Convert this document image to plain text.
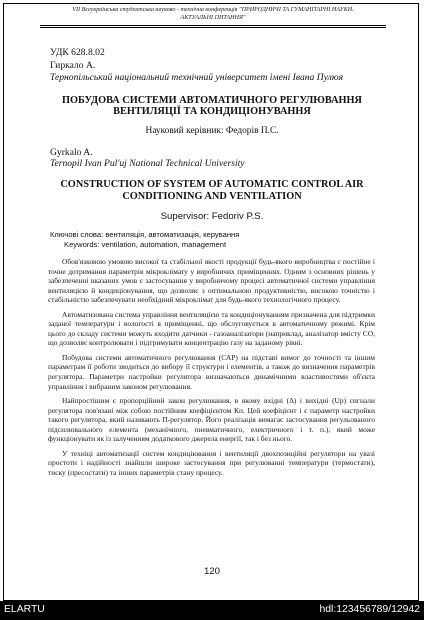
VII Всеукраїнська студентська науково - технічна конференція "ПРИРОДНИЧІ ТА ГУМАНІТАРНІ НАУКИ.
АКТУАЛЬНІ ПИТАННЯ"
УДК 628.8.02
Гиркало А.
Тернопільський національний технічний університет імені Івана Пулюя
ПОБУДОВА СИСТЕМИ АВТОМАТИЧНОГО РЕГУЛЮВАННЯ ВЕНТИЛЯЦІЇ ТА КОНДИЦІОНУВАННЯ
Науковий керівник: Федорів П.С.
Gyrkalo A.
Ternopil Ivan Pul'uj National Technical University
CONSTRUCTION OF SYSTEM OF AUTOMATIC CONTROL AIR CONDITIONING AND VENTILATION
Supervisor: Fedoriv P.S.
Ключові слова: вентиляція, автоматизація, керування
Keywords: ventilation, automation, management

Обов'язковою умовою високої та стабільної якості продукції будь-якого виробництва є постійне і точне дотримання параметрів мікроклімату у виробничих приміщеннях. Одним з основних рішень у забезпеченні вказаних умов є застосування у виробничому процесі автоматичної системи управління вентиляцією й кондиціонування, що дозволяє з оптимальною продуктивністю, високою точністю і стабільністю забезпечувати необхідний мікроклімат для будь-якого технологічного процесу.

Автоматизована система управління вентиляцією та кондиціонуванням призначена для підтримки заданої температури і вологості в приміщенні, що обслуговується в автоматичному режимі. Крім цього до складу системи можуть входити датчики - газоаналізатори (наприклад, аналізатор вмісту CO, що дозволяє контролювати і підтримувати концентрацію газу на заданому рівні.

Побудова системи автоматичного регулювання (САР) на підставі вимог до точності та іншим параметрам її роботи зводиться до вибору її структури і елементів, а також до визначення параметрів регулятора. Параметри настройки регулятора визначаються динамічними властивостями об'єкта управління і вибраним законом регулювання.

Найпростішим є пропорційний закон регулювання, в якому вхідні (Δ) і вихідні (Up) сигнали регулятора пов'язані між собою постійним коефіцієнтом Кп. Цей коефіцієнт і є параметр настройки такого регулятора, який називають П-регулятор. Його реалізація вимагає застосування регульованого підсилювального елемента (механічного, пневматичного, електричного і т. п.), який може функціонувати як із залученням додаткового джерела енергії, так і без нього.

У техніці автоматизації систем кондиціювання і вентиляції двохпозиційні регулятори на увазі простоти і надійності знайшли широке застосування при регулюванні температури (термостати), тиску (пресостати) та інших параметрів стану процесу.

120
ELARTU	hdl:123456789/12942
